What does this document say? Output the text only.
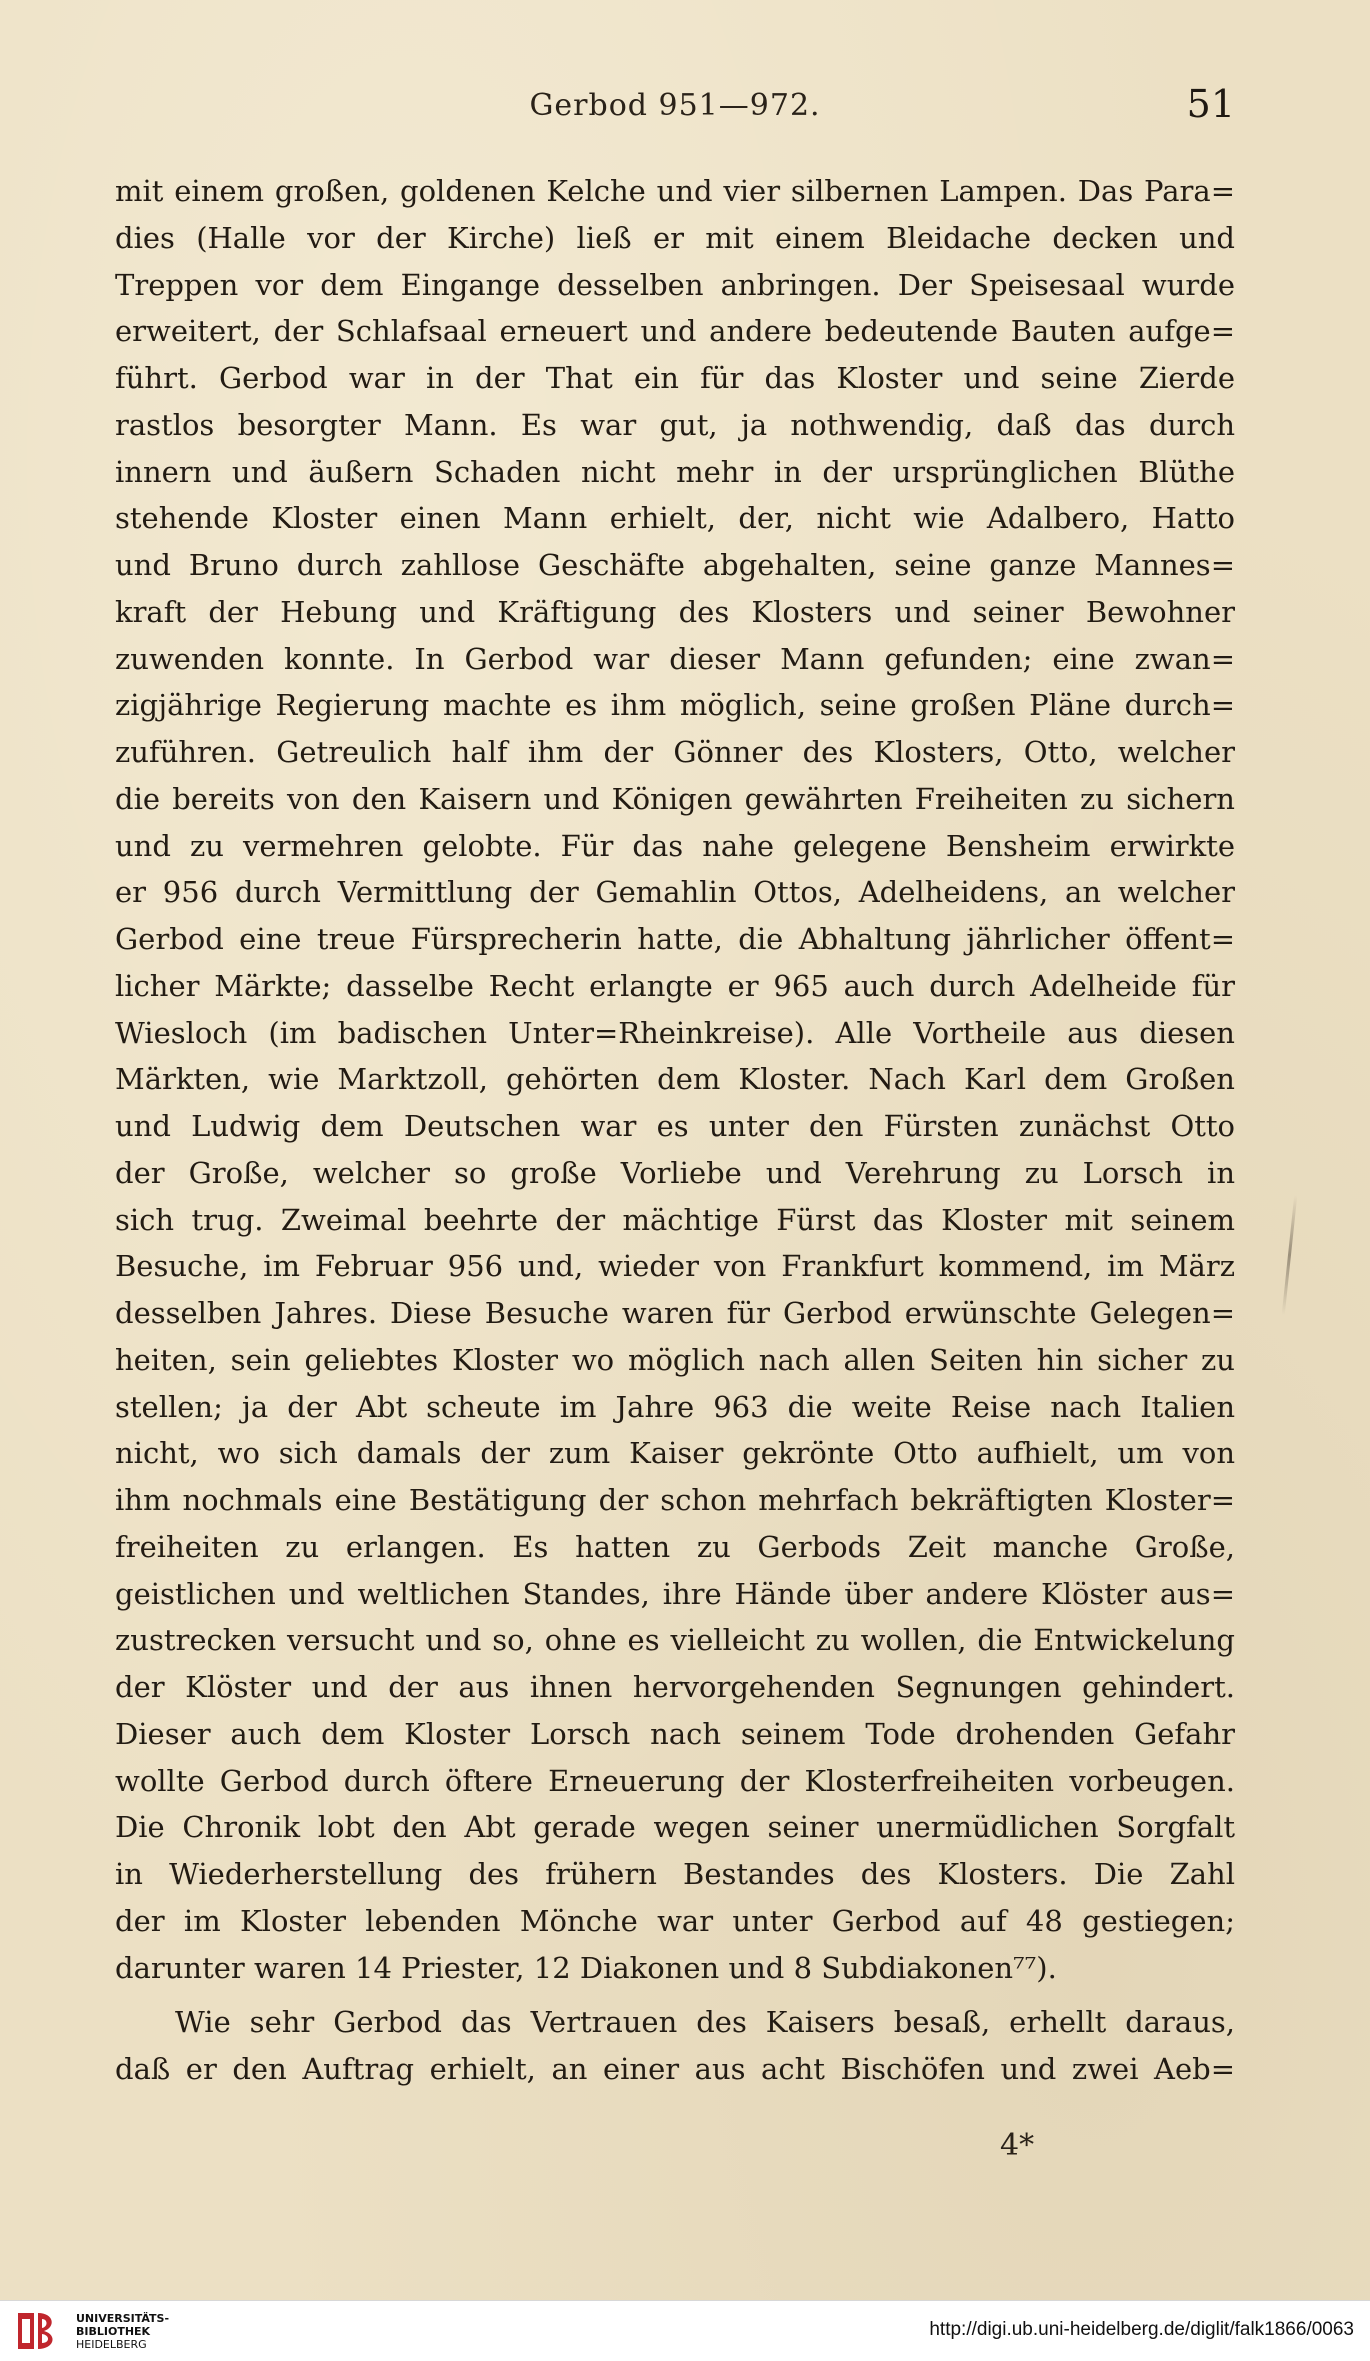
Gerbod 951—972.	51
mit einem großen, goldenen Kelche und vier silbernen Lampen. Das Para=
dies (Halle vor der Kirche) ließ er mit einem Bleidache decken und
Treppen vor dem Eingange desselben anbringen. Der Speisesaal wurde
erweitert, der Schlafsaal erneuert und andere bedeutende Bauten aufge=
führt. Gerbod war in der That ein für das Kloster und seine Zierde
rastlos besorgter Mann. Es war gut, ja nothwendig, daß das durch
innern und äußern Schaden nicht mehr in der ursprünglichen Blüthe
stehende Kloster einen Mann erhielt, der, nicht wie Adalbero, Hatto
und Bruno durch zahllose Geschäfte abgehalten, seine ganze Mannes=
kraft der Hebung und Kräftigung des Klosters und seiner Bewohner
zuwenden konnte. In Gerbod war dieser Mann gefunden; eine zwan=
zigjährige Regierung machte es ihm möglich, seine großen Pläne durch=
zuführen. Getreulich half ihm der Gönner des Klosters, Otto, welcher
die bereits von den Kaisern und Königen gewährten Freiheiten zu sichern
und zu vermehren gelobte. Für das nahe gelegene Bensheim erwirkte
er 956 durch Vermittlung der Gemahlin Ottos, Adelheidens, an welcher
Gerbod eine treue Fürsprecherin hatte, die Abhaltung jährlicher öffent=
licher Märkte; dasselbe Recht erlangte er 965 auch durch Adelheide für
Wiesloch (im badischen Unter=Rheinkreise). Alle Vortheile aus diesen
Märkten, wie Marktzoll, gehörten dem Kloster. Nach Karl dem Großen
und Ludwig dem Deutschen war es unter den Fürsten zunächst Otto
der Große, welcher so große Vorliebe und Verehrung zu Lorsch in
sich trug. Zweimal beehrte der mächtige Fürst das Kloster mit seinem
Besuche, im Februar 956 und, wieder von Frankfurt kommend, im März
desselben Jahres. Diese Besuche waren für Gerbod erwünschte Gelegen=
heiten, sein geliebtes Kloster wo möglich nach allen Seiten hin sicher zu
stellen; ja der Abt scheute im Jahre 963 die weite Reise nach Italien
nicht, wo sich damals der zum Kaiser gekrönte Otto aufhielt, um von
ihm nochmals eine Bestätigung der schon mehrfach bekräftigten Kloster=
freiheiten zu erlangen. Es hatten zu Gerbods Zeit manche Große,
geistlichen und weltlichen Standes, ihre Hände über andere Klöster aus=
zustrecken versucht und so, ohne es vielleicht zu wollen, die Entwickelung
der Klöster und der aus ihnen hervorgehenden Segnungen gehindert.
Dieser auch dem Kloster Lorsch nach seinem Tode drohenden Gefahr
wollte Gerbod durch öftere Erneuerung der Klosterfreiheiten vorbeugen.
Die Chronik lobt den Abt gerade wegen seiner unermüdlichen Sorgfalt
in Wiederherstellung des frühern Bestandes des Klosters. Die Zahl
der im Kloster lebenden Mönche war unter Gerbod auf 48 gestiegen;
darunter waren 14 Priester, 12 Diakonen und 8 Subdiakonen⁷⁷).
Wie sehr Gerbod das Vertrauen des Kaisers besaß, erhellt daraus,
daß er den Auftrag erhielt, an einer aus acht Bischöfen und zwei Aeb=
4*
UNIVERSITÄTS-
BIBLIOTHEK
HEIDELBERG
http://digi.ub.uni-heidelberg.de/diglit/falk1866/0063
